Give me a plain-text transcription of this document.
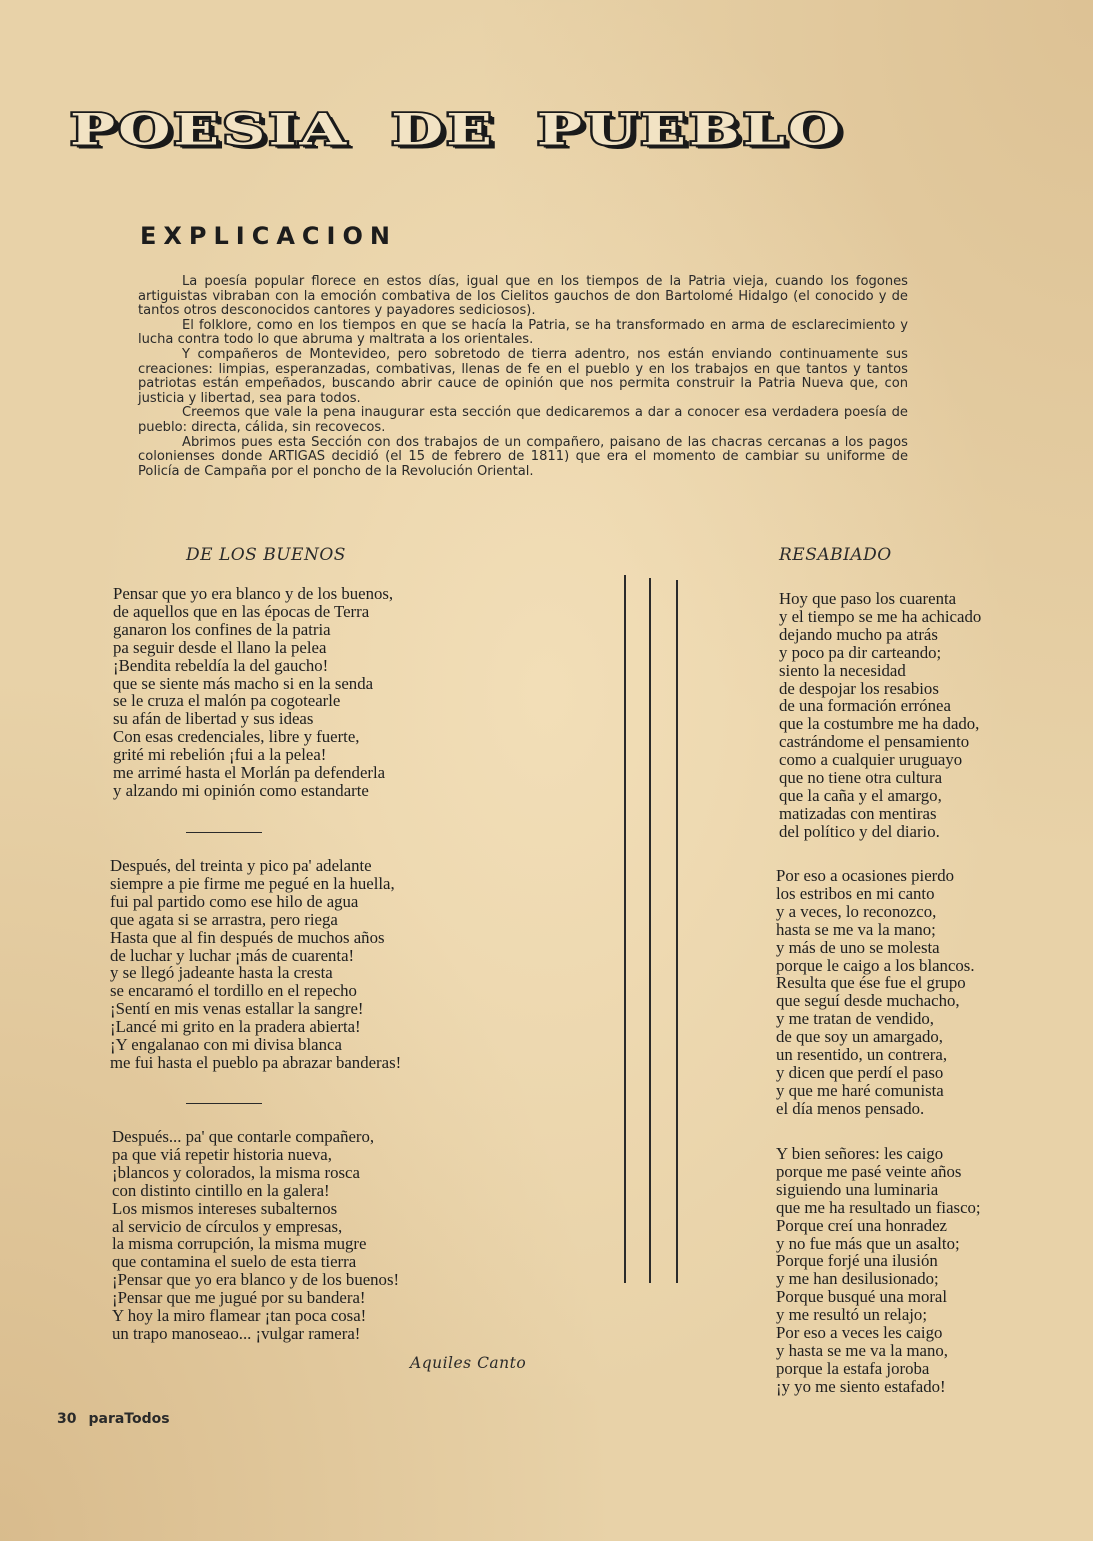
POESIA DE PUEBLO
EXPLICACION

La poesía popular florece en estos días, igual que en los tiempos de la Patria vieja, cuando los fogones artiguistas vibraban con la emoción combativa de los Cielitos gauchos de don Bartolomé Hidalgo (el conocido y de tantos otros desconocidos cantores y payadores sediciosos).

El folklore, como en los tiempos en que se hacía la Patria, se ha transformado en arma de esclarecimiento y lucha contra todo lo que abruma y maltrata a los orientales.

Y compañeros de Montevideo, pero sobretodo de tierra adentro, nos están enviando continuamente sus creaciones: limpias, esperanzadas, combativas, llenas de fe en el pueblo y en los trabajos en que tantos y tantos patriotas están empeñados, buscando abrir cauce de opinión que nos permita construir la Patria Nueva que, con justicia y libertad, sea para todos.

Creemos que vale la pena inaugurar esta sección que dedicaremos a dar a conocer esa verdadera poesía de pueblo: directa, cálida, sin recovecos.

Abrimos pues esta Sección con dos trabajos de un compañero, paisano de las chacras cercanas a los pagos colonienses donde ARTIGAS decidió (el 15 de febrero de 1811) que era el momento de cambiar su uniforme de Policía de Campaña por el poncho de la Revolución Oriental.

DE LOS BUENOS	RESABIADO
Pensar que yo era blanco y de los buenos,
de aquellos que en las épocas de Terra
ganaron los confines de la patria
pa seguir desde el llano la pelea
¡Bendita rebeldía la del gaucho!
que se siente más macho si en la senda
se le cruza el malón pa cogotearle
su afán de libertad y sus ideas
Con esas credenciales, libre y fuerte,
grité mi rebelión ¡fui a la pelea!
me arrimé hasta el Morlán pa defenderla
y alzando mi opinión como estandarte
Después, del treinta y pico pa' adelante
siempre a pie firme me pegué en la huella,
fui pal partido como ese hilo de agua
que agata si se arrastra, pero riega
Hasta que al fin después de muchos años
de luchar y luchar ¡más de cuarenta!
y se llegó jadeante hasta la cresta
se encaramó el tordillo en el repecho
¡Sentí en mis venas estallar la sangre!
¡Lancé mi grito en la pradera abierta!
¡Y engalanao con mi divisa blanca
me fui hasta el pueblo pa abrazar banderas!
Después... pa' que contarle compañero,
pa que viá repetir historia nueva,
¡blancos y colorados, la misma rosca
con distinto cintillo en la galera!
Los mismos intereses subalternos
al servicio de círculos y empresas,
la misma corrupción, la misma mugre
que contamina el suelo de esta tierra
¡Pensar que yo era blanco y de los buenos!
¡Pensar que me jugué por su bandera!
Y hoy la miro flamear ¡tan poca cosa!
un trapo manoseao... ¡vulgar ramera!
Aquiles Canto
Hoy que paso los cuarenta
y el tiempo se me ha achicado
dejando mucho pa atrás
y poco pa dir carteando;
siento la necesidad
de despojar los resabios
de una formación errónea
que la costumbre me ha dado,
castrándome el pensamiento
como a cualquier uruguayo
que no tiene otra cultura
que la caña y el amargo,
matizadas con mentiras
del político y del diario.
Por eso a ocasiones pierdo
los estribos en mi canto
y a veces, lo reconozco,
hasta se me va la mano;
y más de uno se molesta
porque le caigo a los blancos.
Resulta que ése fue el grupo
que seguí desde muchacho,
y me tratan de vendido,
de que soy un amargado,
un resentido, un contrera,
y dicen que perdí el paso
y que me haré comunista
el día menos pensado.
Y bien señores: les caigo
porque me pasé veinte años
siguiendo una luminaria
que me ha resultado un fiasco;
Porque creí una honradez
y no fue más que un asalto;
Porque forjé una ilusión
y me han desilusionado;
Porque busqué una moral
y me resultó un relajo;
Por eso a veces les caigo
y hasta se me va la mano,
porque la estafa joroba
¡y yo me siento estafado!
30 paraTodos
